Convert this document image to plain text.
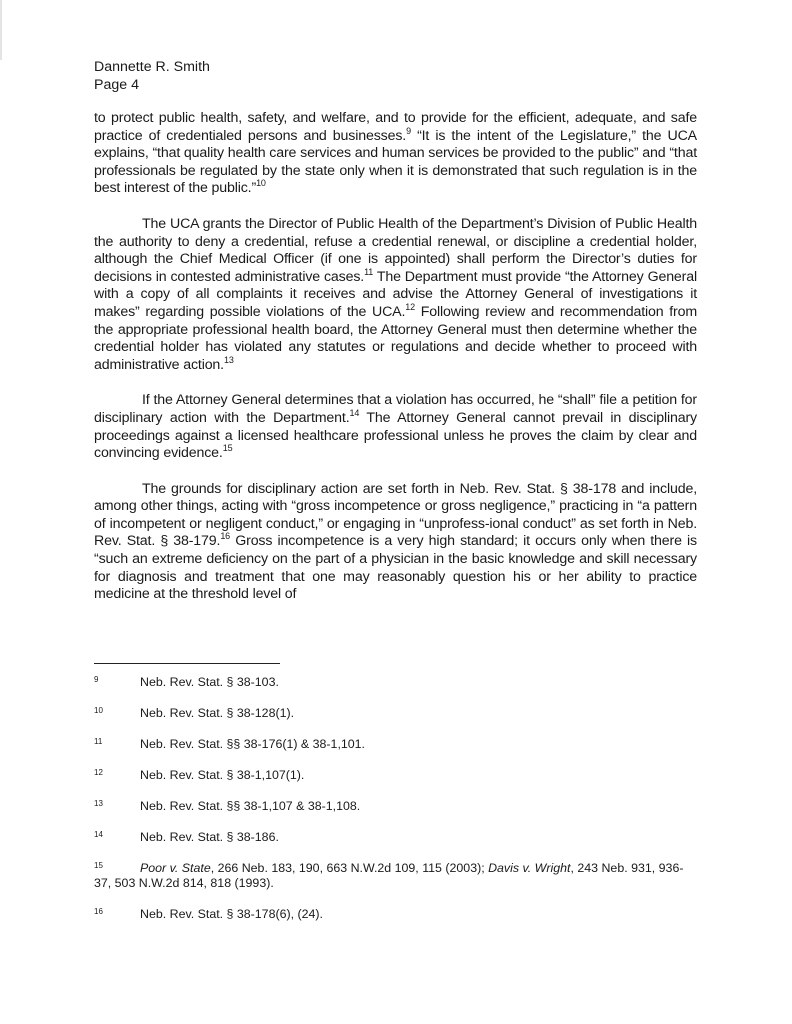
Dannette R. Smith

Page 4

to protect public health, safety, and welfare, and to provide for the efficient, adequate, and safe practice of credentialed persons and businesses.$^9$ “It is the intent of the Legislature,” the UCA explains, “that quality health care services and human services be provided to the public” and “that professionals be regulated by the state only when it is demonstrated that such regulation is in the best interest of the public.”$^{10}$

The UCA grants the Director of Public Health of the Department’s Division of Public Health the authority to deny a credential, refuse a credential renewal, or discipline a credential holder, although the Chief Medical Officer (if one is appointed) shall perform the Director’s duties for decisions in contested administrative cases.$^{11}$ The Department must provide “the Attorney General with a copy of all complaints it receives and advise the Attorney General of investigations it makes” regarding possible violations of the UCA.$^{12}$ Following review and recommendation from the appropriate professional health board, the Attorney General must then determine whether the credential holder has violated any statutes or regulations and decide whether to proceed with administrative action.$^{13}$

If the Attorney General determines that a violation has occurred, he “shall” file a petition for disciplinary action with the Department.$^{14}$ The Attorney General cannot prevail in disciplinary proceedings against a licensed healthcare professional unless he proves the claim by clear and convincing evidence.$^{15}$

The grounds for disciplinary action are set forth in Neb. Rev. Stat. § 38-178 and include, among other things, acting with “gross incompetence or gross negligence,” practicing in “a pattern of incompetent or negligent conduct,” or engaging in “unprofess-ional conduct” as set forth in Neb. Rev. Stat. § 38-179.16 Gross incompetence is a very high standard; it occurs only when there is “such an extreme deficiency on the part of a physician in the basic knowledge and skill necessary for diagnosis and treatment that one may reasonably question his or her ability to practice medicine at the threshold level of

9	Neb. Rev. Stat. § 38-103.

10	Neb. Rev. Stat. § 38-128(1).

11	Neb. Rev. Stat. §§ 38-176(1) & 38-1,101.

12	Neb. Rev. Stat. § 38-1,107(1).

13	Neb. Rev. Stat. §§ 38-1,107 & 38-1,108.

14	Neb. Rev. Stat. § 38-186.

15	Poor v. State, 266 Neb. 183, 190, 663 N.W.2d 109, 115 (2003); Davis v. Wright, 243 Neb. 931, 936-37, 503 N.W.2d 814, 818 (1993).

16	Neb. Rev. Stat. § 38-178(6), (24).
